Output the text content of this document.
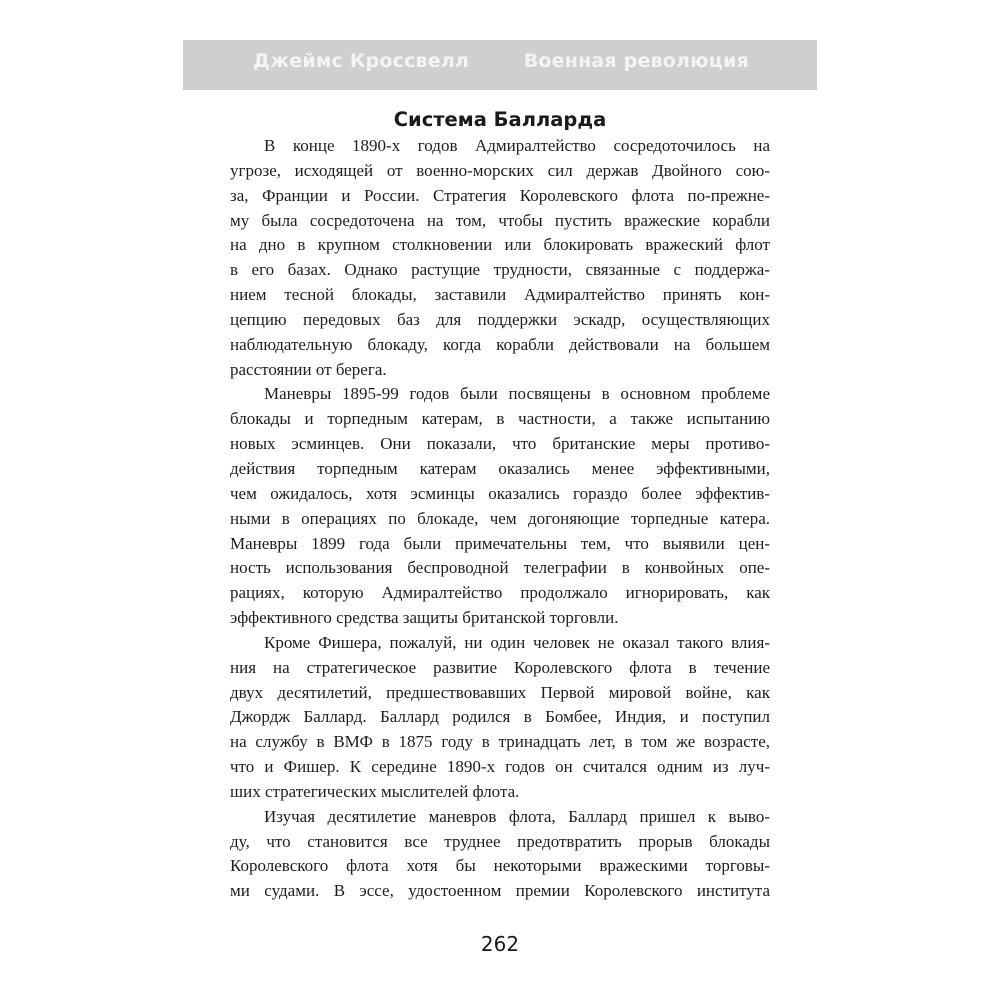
Джеймс Кроссвелл	Военная революция
Система Балларда
В конце 1890-х годов Адмиралтейство сосредоточилось на
угрозе, исходящей от военно-морских сил держав Двойного сою-
за, Франции и России. Стратегия Королевского флота по-прежне-
му была сосредоточена на том, чтобы пустить вражеские корабли
на дно в крупном столкновении или блокировать вражеский флот
в его базах. Однако растущие трудности, связанные с поддержа-
нием тесной блокады, заставили Адмиралтейство принять кон-
цепцию передовых баз для поддержки эскадр, осуществляющих
наблюдательную блокаду, когда корабли действовали на большем
расстоянии от берега.
Маневры 1895-99 годов были посвящены в основном проблеме
блокады и торпедным катерам, в частности, а также испытанию
новых эсминцев. Они показали, что британские меры противо-
действия торпедным катерам оказались менее эффективными,
чем ожидалось, хотя эсминцы оказались гораздо более эффектив-
ными в операциях по блокаде, чем догоняющие торпедные катера.
Маневры 1899 года были примечательны тем, что выявили цен-
ность использования беспроводной телеграфии в конвойных опе-
рациях, которую Адмиралтейство продолжало игнорировать, как
эффективного средства защиты британской торговли.
Кроме Фишера, пожалуй, ни один человек не оказал такого влия-
ния на стратегическое развитие Королевского флота в течение
двух десятилетий, предшествовавших Первой мировой войне, как
Джордж Баллард. Баллард родился в Бомбее, Индия, и поступил
на службу в ВМФ в 1875 году в тринадцать лет, в том же возрасте,
что и Фишер. К середине 1890-х годов он считался одним из луч-
ших стратегических мыслителей флота.
Изучая десятилетие маневров флота, Баллард пришел к выво-
ду, что становится все труднее предотвратить прорыв блокады
Королевского флота хотя бы некоторыми вражескими торговы-
ми судами. В эссе, удостоенном премии Королевского института
262
